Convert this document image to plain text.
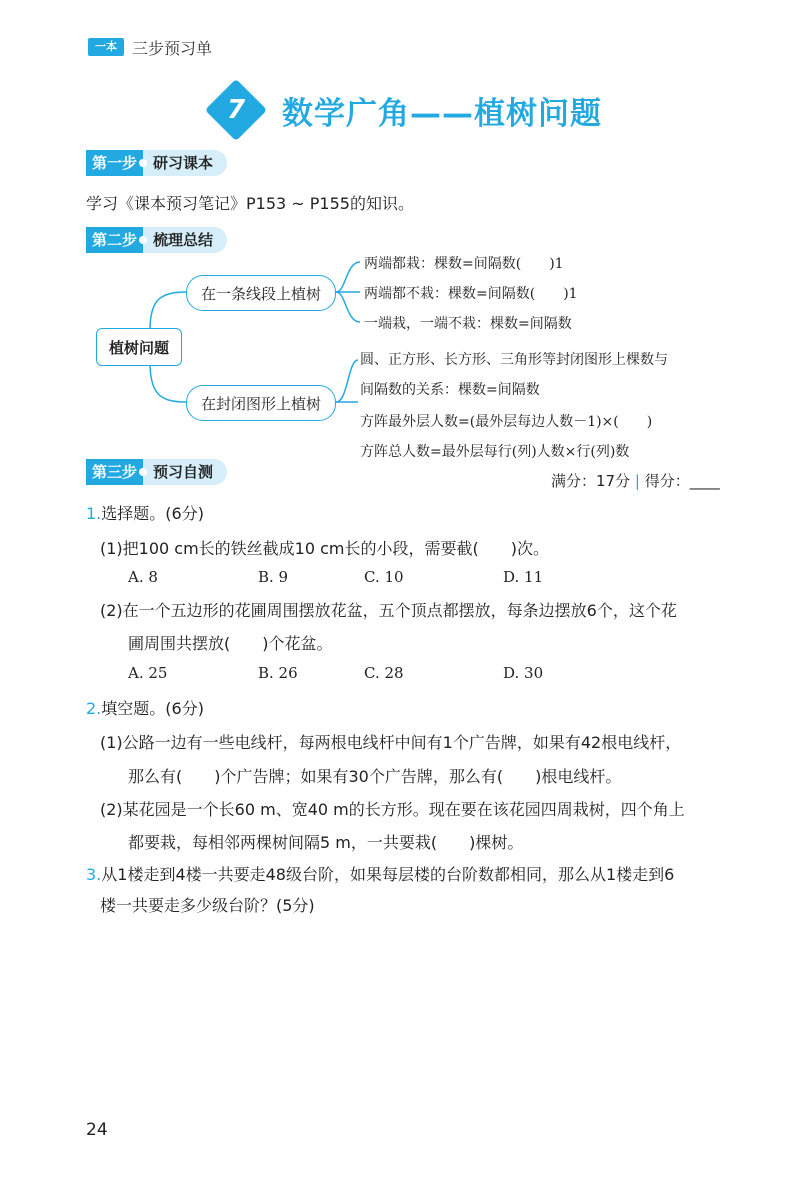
一本 三步预习单
7	数学广角——植树问题
第一步	研习课本
学习《课本预习笔记》P153 ~ P155的知识。
第二步	梳理总结
植树问题
在一条线段上植树
在封闭图形上植树
两端都栽：棵数=间隔数(　　)1
两端都不栽：棵数=间隔数(　　)1
一端栽，一端不栽：棵数=间隔数
圆、正方形、长方形、三角形等封闭图形上棵数与
间隔数的关系：棵数=间隔数
方阵最外层人数=(最外层每边人数－1)×(　　)
方阵总人数=最外层每行(列)人数×行(列)数
第三步	预习自测	满分：17分 | 得分：____
1.选择题。(6分)
(1)把100 cm长的铁丝截成10 cm长的小段，需要截(　　)次。
A. 8	B. 9	C. 10	D. 11
(2)在一个五边形的花圃周围摆放花盆，五个顶点都摆放，每条边摆放6个，这个花
圃周围共摆放(　　)个花盆。
A. 25	B. 26	C. 28	D. 30
2.填空题。(6分)
(1)公路一边有一些电线杆，每两根电线杆中间有1个广告牌，如果有42根电线杆，
那么有(　　)个广告牌；如果有30个广告牌，那么有(　　)根电线杆。
(2)某花园是一个长60 m、宽40 m的长方形。现在要在该花园四周栽树，四个角上
都要栽，每相邻两棵树间隔5 m，一共要栽(　　)棵树。
3.从1楼走到4楼一共要走48级台阶，如果每层楼的台阶数都相同，那么从1楼走到6
楼一共要走多少级台阶？(5分)
24
